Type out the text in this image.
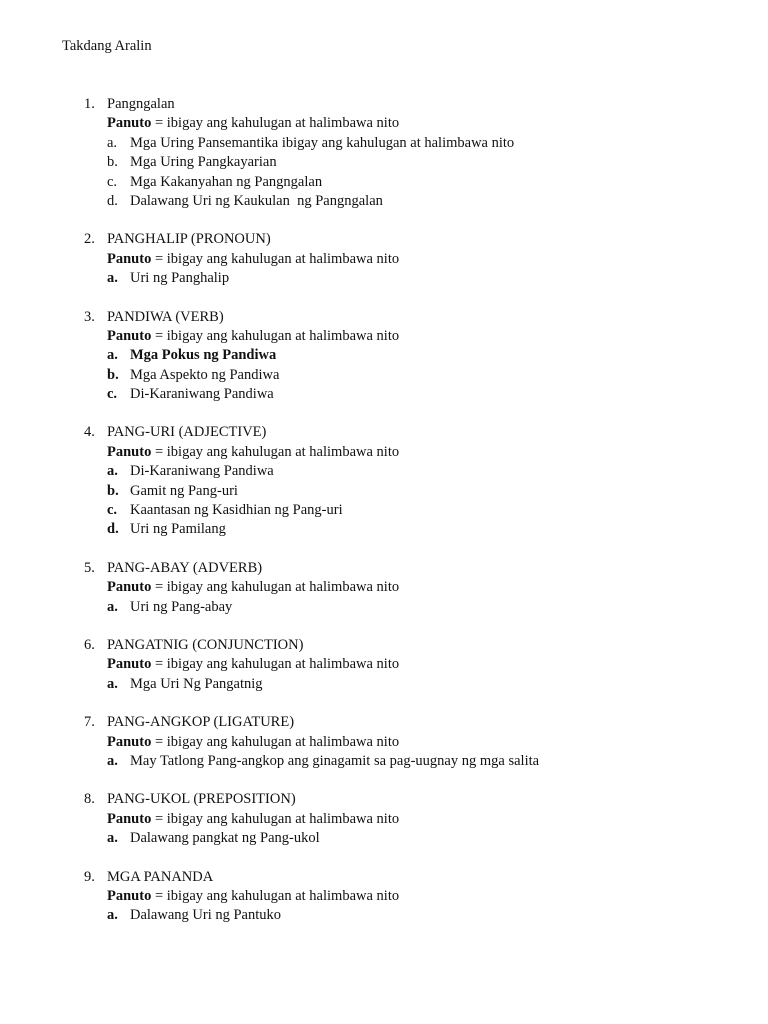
Takdang Aralin
1. Pangngalan
Panuto = ibigay ang kahulugan at halimbawa nito
a. Mga Uring Pansemantika ibigay ang kahulugan at halimbawa nito
b. Mga Uring Pangkayarian
c. Mga Kakanyahan ng Pangngalan
d. Dalawang Uri ng Kaukulan  ng Pangngalan
2. PANGHALIP (PRONOUN)
Panuto = ibigay ang kahulugan at halimbawa nito
a. Uri ng Panghalip
3. PANDIWA (VERB)
Panuto = ibigay ang kahulugan at halimbawa nito
a. Mga Pokus ng Pandiwa
b. Mga Aspekto ng Pandiwa
c. Di-Karaniwang Pandiwa
4. PANG-URI (ADJECTIVE)
Panuto = ibigay ang kahulugan at halimbawa nito
a. Di-Karaniwang Pandiwa
b. Gamit ng Pang-uri
c. Kaantasan ng Kasidhian ng Pang-uri
d. Uri ng Pamilang
5. PANG-ABAY (ADVERB)
Panuto = ibigay ang kahulugan at halimbawa nito
a. Uri ng Pang-abay
6. PANGATNIG (CONJUNCTION)
Panuto = ibigay ang kahulugan at halimbawa nito
a. Mga Uri Ng Pangatnig
7. PANG-ANGKOP (LIGATURE)
Panuto = ibigay ang kahulugan at halimbawa nito
a. May Tatlong Pang-angkop ang ginagamit sa pag-uugnay ng mga salita
8. PANG-UKOL (PREPOSITION)
Panuto = ibigay ang kahulugan at halimbawa nito
a. Dalawang pangkat ng Pang-ukol
9. MGA PANANDA
Panuto = ibigay ang kahulugan at halimbawa nito
a. Dalawang Uri ng Pantuko
